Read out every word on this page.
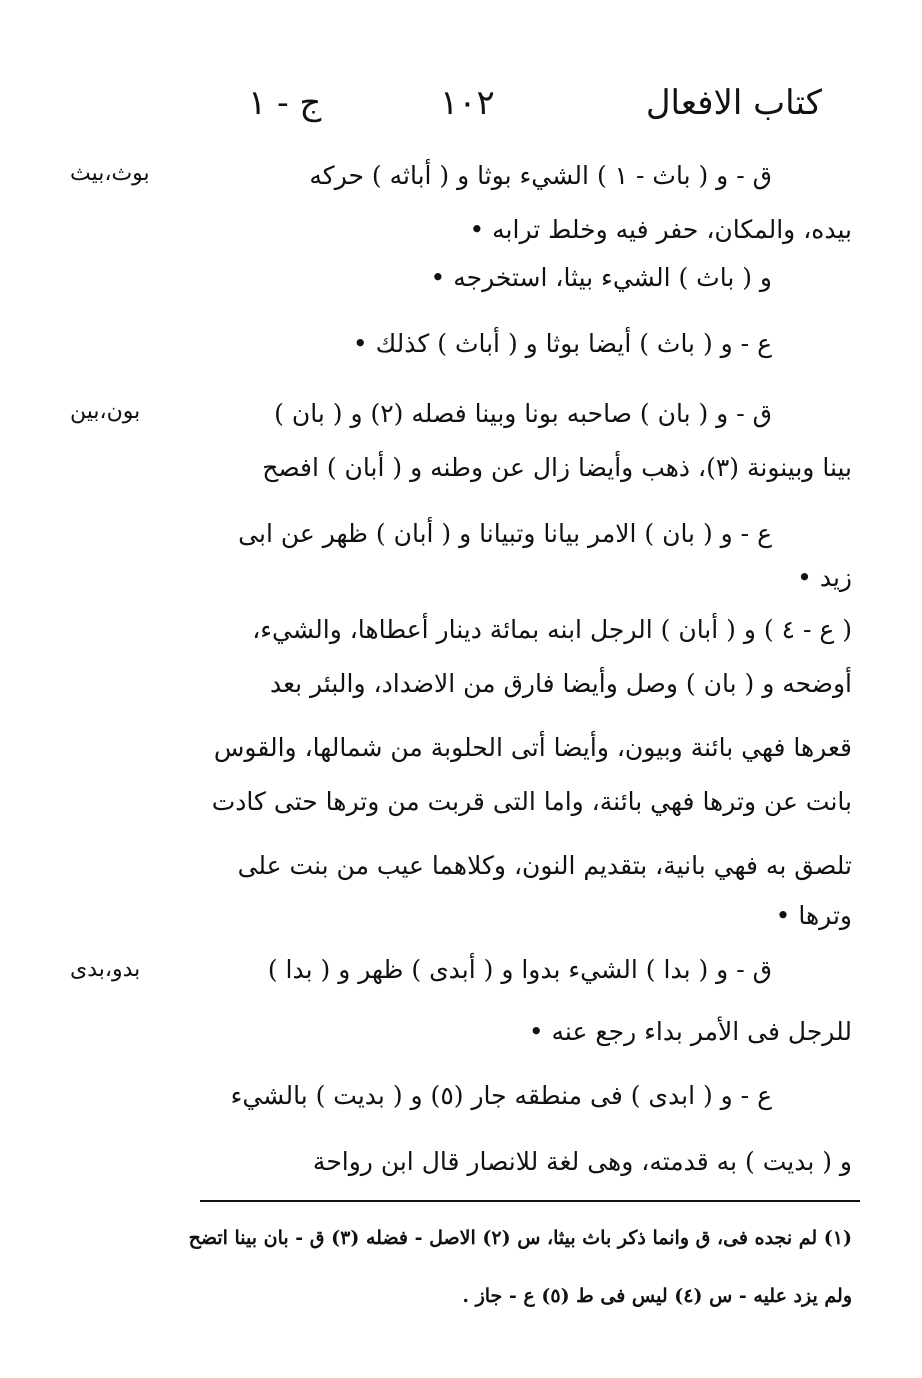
كتاب الافعال
١٠٢
ج - ١
بوث،بيث
بون،بين
بدو،بدى
ق - و ( باث - ١ ) الشيء بوثا و ( أباثه ) حركه
بيده، والمكان، حفر فيه وخلط ترابه •
و ( باث ) الشيء بيثا، استخرجه •
ع - و ( باث ) أيضا بوثا و ( أباث ) كذلك •
ق - و ( بان ) صاحبه بونا وبينا فصله (٢) و ( بان )
بينا وبينونة (٣)، ذهب وأيضا زال عن وطنه و ( أبان ) افصح
ع - و ( بان ) الامر بيانا وتبيانا و ( أبان ) ظهر عن ابى
زيد •
( ع - ٤ ) و ( أبان ) الرجل ابنه بمائة دينار أعطاها، والشيء،
أوضحه و ( بان ) وصل وأيضا فارق من الاضداد، والبئر بعد
قعرها فهي بائنة وبيون، وأيضا أتى الحلوبة من شمالها، والقوس
بانت عن وترها فهي بائنة، واما التى قربت من وترها حتى كادت
تلصق به فهي بانية، بتقديم النون، وكلاهما عيب من بنت على
وترها •
ق - و ( بدا ) الشيء بدوا و ( أبدى ) ظهر و ( بدا )
للرجل فى الأمر بداء رجع عنه •
ع - و ( ابدى ) فى منطقه جار (٥) و ( بديت ) بالشيء
و ( بديت ) به قدمته، وهى لغة للانصار قال ابن رواحة
(١) لم نجده فى، ق وانما ذكر باث بيثا، س (٢) الاصل - فضله (٣) ق - بان بينا اتضح
ولم يزد عليه - س (٤) ليس فى ط (٥) ع - جاز .
